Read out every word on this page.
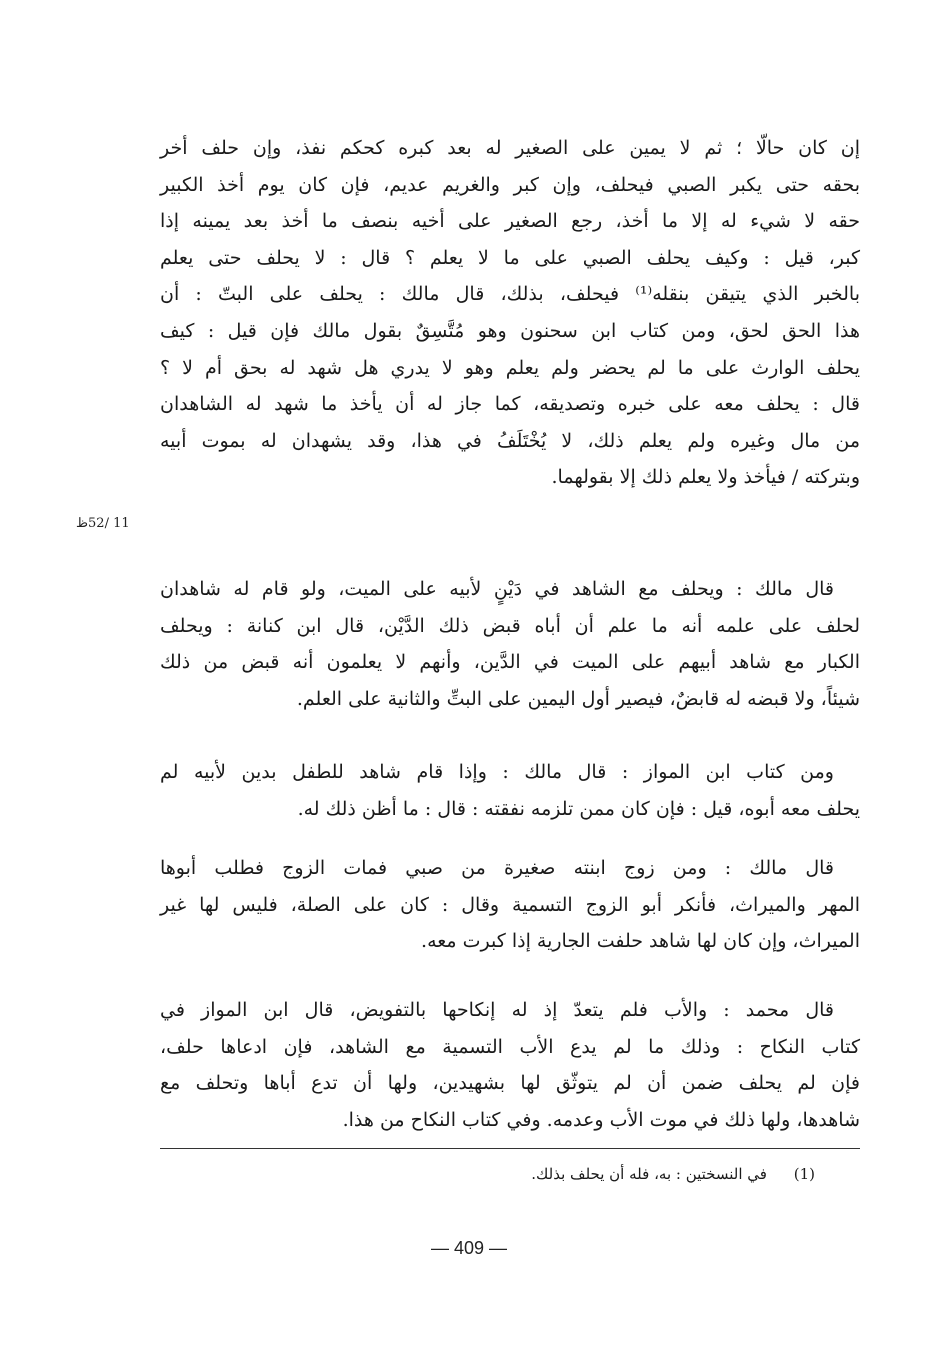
إن كان حالّا ؛ ثم لا يمين على الصغير له بعد كبره كحكم نفذ، وإن حلف أخر
بحقه حتى يكبر الصبي فيحلف، وإن كبر والغريم عديم، فإن كان يوم أخذ الكبير
حقه لا شيء له إلا ما أخذ، رجع الصغير على أخيه بنصف ما أخذ بعد يمينه إذا
كبر، قيل : وكيف يحلف الصبي على ما لا يعلم ؟ قال : لا يحلف حتى يعلم
بالخبر الذي يتيقن بنقله⁽¹⁾ فيحلف، بذلك، قال مالك : يحلف على البتّ : أن
هذا الحق لحق، ومن كتاب ابن سحنون وهو مُتَّسِقٌ بقول مالك فإن قيل : كيف
يحلف الوارث على ما لم يحضر ولم يعلم وهو لا يدري هل شهد له بحق أم لا ؟
قال : يحلف معه على خبره وتصديقه، كما جاز له أن يأخذ ما شهد له الشاهدان
من مال وغيره ولم يعلم ذلك، لا يُخْتَلَفُ في هذا، وقد يشهدان له بموت أبيه
وبتركته / فيأخذ ولا يعلم ذلك إلا بقولهما.
11 /52ظ
قال مالك : ويحلف مع الشاهد في دَيْنٍ لأبيه على الميت، ولو قام له شاهدان
لحلف على علمه أنه ما علم أن أباه قبض ذلك الدَّيْن، قال ابن كنانة : ويحلف
الكبار مع شاهد أبيهم على الميت في الدَّين، وأنهم لا يعلمون أنه قبض من ذلك
شيئاً، ولا قبضه له قابضٌ، فيصير أول اليمين على البتِّ والثانية على العلم.
ومن كتاب ابن المواز : قال مالك : وإذا قام شاهد للطفل بدين لأبيه لم
يحلف معه أبوه، قيل : فإن كان ممن تلزمه نفقته : قال : ما أظن ذلك له.
قال مالك : ومن زوج ابنته صغيرة من صبي فمات الزوج فطلب أبوها
المهر والميراث، فأنكر أبو الزوج التسمية وقال : كان على الصلة، فليس لها غير
الميراث، وإن كان لها شاهد حلفت الجارية إذا كبرت معه.
قال محمد : والأب فلم يتعدّ إذ له إنكاحها بالتفويض، قال ابن المواز في
كتاب النكاح : وذلك ما لم يدع الأب التسمية مع الشاهد، فإن ادعاها حلف،
فإن لم يحلف ضمن أن لم يتوثّق لها بشهيدين، ولها أن تدع أباها وتحلف مع
شاهدها، ولها ذلك في موت الأب وعدمه. وفي كتاب النكاح من هذا.
(1) في النسختين : به، فله أن يحلف بذلك.
— 409 —
